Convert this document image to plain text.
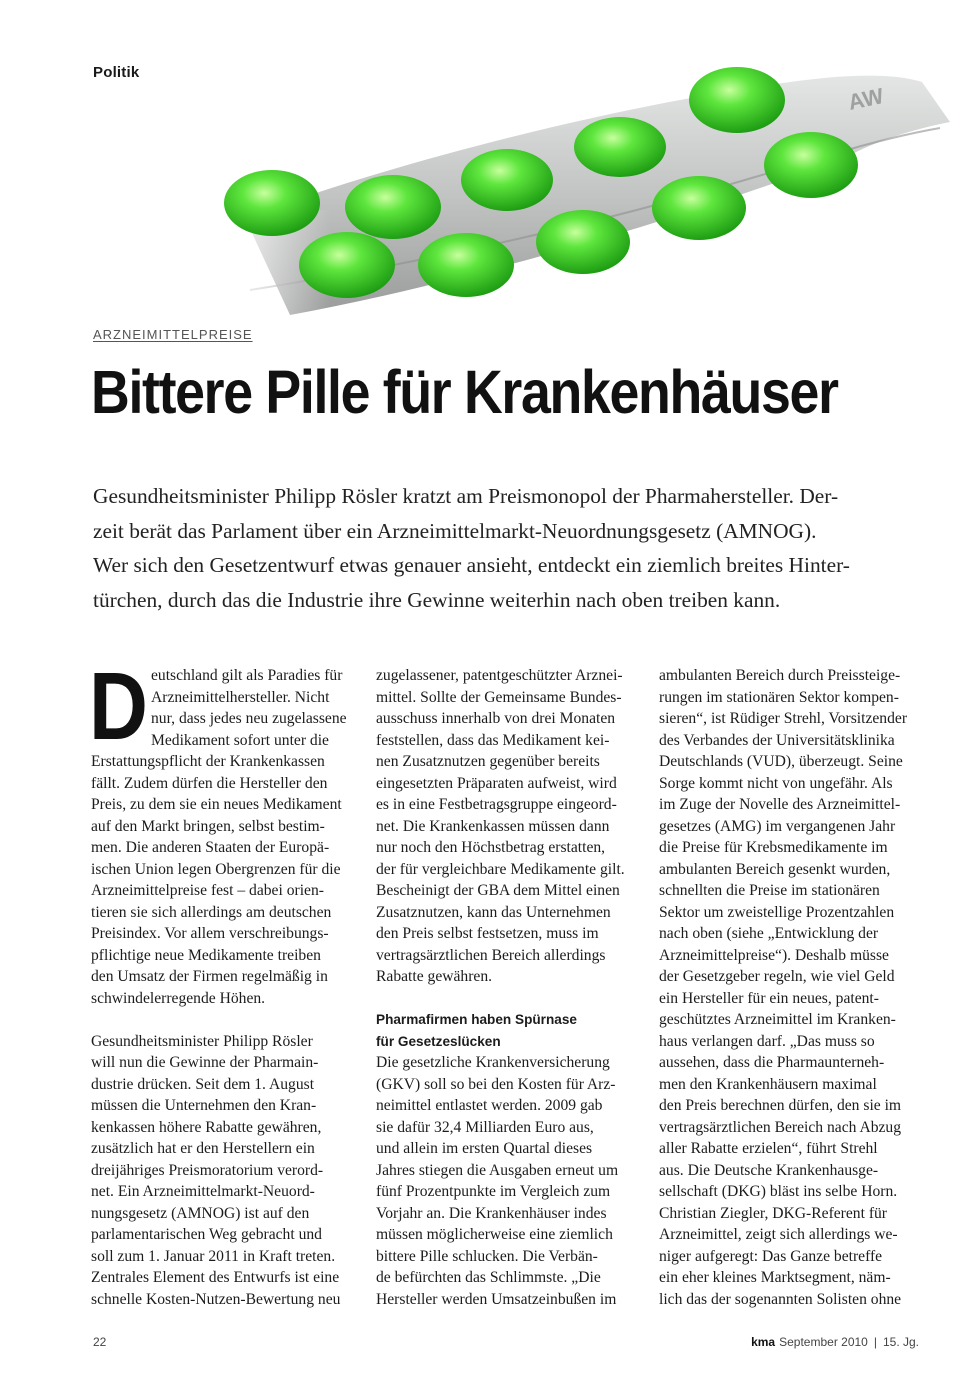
Politik
AW
ARZNEIMITTELPREISE
Bittere Pille für Krankenhäuser

Gesundheitsminister Philipp Rösler kratzt am Preismonopol der Pharmahersteller. Der-
zeit berät das Parlament über ein Arzneimittelmarkt-Neuordnungsgesetz (AMNOG).
Wer sich den Gesetzentwurf etwas genauer ansieht, entdeckt ein ziemlich breites Hinter-
türchen, durch das die Industrie ihre Gewinne weiterhin nach oben treiben kann.

D eutschland gilt als Paradies für
Arzneimittelhersteller. Nicht
nur, dass jedes neu zugelassene
Medikament sofort unter die
Erstattungspflicht der Krankenkassen
fällt. Zudem dürfen die Hersteller den
Preis, zu dem sie ein neues Medikament
auf den Markt bringen, selbst bestim-
men. Die anderen Staaten der Europä-
ischen Union legen Obergrenzen für die
Arzneimittelpreise fest – dabei orien-
tieren sie sich allerdings am deutschen
Preisindex. Vor allem verschreibungs-
pflichtige neue Medikamente treiben
den Umsatz der Firmen regelmäßig in
schwindelerregende Höhen.
Gesundheitsminister Philipp Rösler
will nun die Gewinne der Pharmain-
dustrie drücken. Seit dem 1. August
müssen die Unternehmen den Kran-
kenkassen höhere Rabatte gewähren,
zusätzlich hat er den Herstellern ein
dreijähriges Preismoratorium verord-
net. Ein Arzneimittelmarkt-Neuord-
nungsgesetz (AMNOG) ist auf den
parlamentarischen Weg gebracht und
soll zum 1. Januar 2011 in Kraft treten.
Zentrales Element des Entwurfs ist eine
schnelle Kosten-Nutzen-Bewertung neu
zugelassener, patentgeschützter Arznei-
mittel. Sollte der Gemeinsame Bundes-
ausschuss innerhalb von drei Monaten
feststellen, dass das Medikament kei-
nen Zusatznutzen gegenüber bereits
eingesetzten Präparaten aufweist, wird
es in eine Festbetragsgruppe eingeord-
net. Die Krankenkassen müssen dann
nur noch den Höchstbetrag erstatten,
der für vergleichbare Medikamente gilt.
Bescheinigt der GBA dem Mittel einen
Zusatznutzen, kann das Unternehmen
den Preis selbst festsetzen, muss im
vertragsärztlichen Bereich allerdings
Rabatte gewähren.
Pharmafirmen haben Spürnase
für Gesetzeslücken
Die gesetzliche Krankenversicherung
(GKV) soll so bei den Kosten für Arz-
neimittel entlastet werden. 2009 gab
sie dafür 32,4 Milliarden Euro aus,
und allein im ersten Quartal dieses
Jahres stiegen die Ausgaben erneut um
fünf Prozentpunkte im Vergleich zum
Vorjahr an. Die Krankenhäuser indes
müssen möglicherweise eine ziemlich
bittere Pille schlucken. Die Verbän-
de befürchten das Schlimmste. „Die
Hersteller werden Umsatzeinbußen im
ambulanten Bereich durch Preissteige-
rungen im stationären Sektor kompen-
sieren“, ist Rüdiger Strehl, Vorsitzender
des Verbandes der Universitätsklinika
Deutschlands (VUD), überzeugt. Seine
Sorge kommt nicht von ungefähr. Als
im Zuge der Novelle des Arzneimittel-
gesetzes (AMG) im vergangenen Jahr
die Preise für Krebsmedikamente im
ambulanten Bereich gesenkt wurden,
schnellten die Preise im stationären
Sektor um zweistellige Prozentzahlen
nach oben (siehe „Entwicklung der
Arzneimittelpreise“). Deshalb müsse
der Gesetzgeber regeln, wie viel Geld
ein Hersteller für ein neues, patent-
geschütztes Arzneimittel im Kranken-
haus verlangen darf. „Das muss so
aussehen, dass die Pharmaunterneh-
men den Krankenhäusern maximal
den Preis berechnen dürfen, den sie im
vertragsärztlichen Bereich nach Abzug
aller Rabatte erzielen“, führt Strehl
aus. Die Deutsche Krankenhausge-
sellschaft (DKG) bläst ins selbe Horn.
Christian Ziegler, DKG-Referent für
Arzneimittel, zeigt sich allerdings we-
niger aufgeregt: Das Ganze betreffe
ein eher kleines Marktsegment, näm-
lich das der sogenannten Solisten ohne
22	kma September 2010 | 15. Jg.
